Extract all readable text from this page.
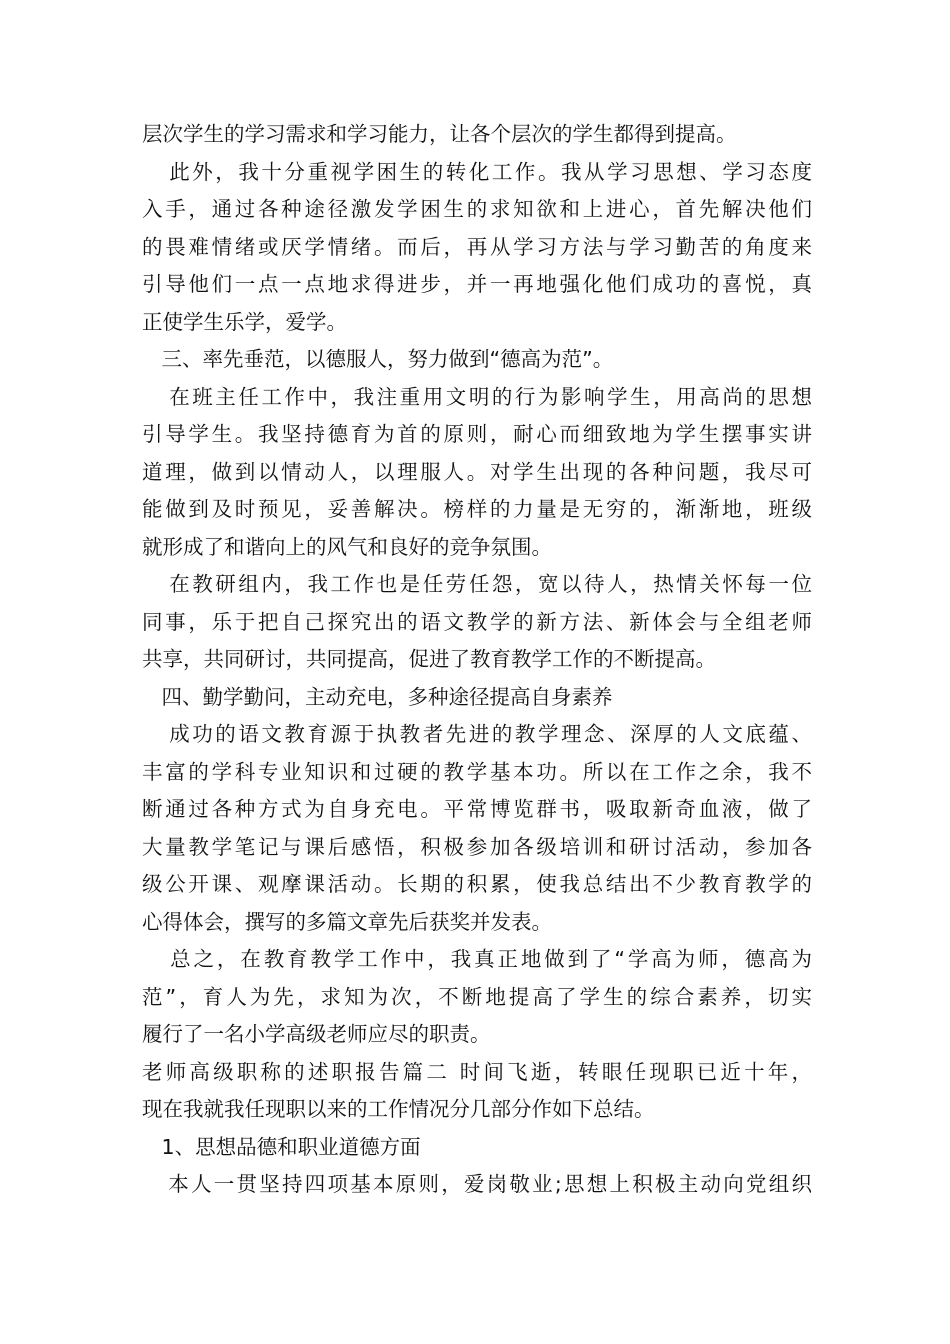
层次学生的学习需求和学习能力，让各个层次的学生都得到提高。
此外，我十分重视学困生的转化工作。我从学习思想、学习态度
入手，通过各种途径激发学困生的求知欲和上进心，首先解决他们
的畏难情绪或厌学情绪。而后，再从学习方法与学习勤苦的角度来
引导他们一点一点地求得进步，并一再地强化他们成功的喜悦，真
正使学生乐学，爱学。
三、率先垂范，以德服人，努力做到“德高为范”。
在班主任工作中，我注重用文明的行为影响学生，用高尚的思想
引导学生。我坚持德育为首的原则，耐心而细致地为学生摆事实讲
道理，做到以情动人，以理服人。对学生出现的各种问题，我尽可
能做到及时预见，妥善解决。榜样的力量是无穷的，渐渐地，班级
就形成了和谐向上的风气和良好的竞争氛围。
在教研组内，我工作也是任劳任怨，宽以待人，热情关怀每一位
同事，乐于把自己探究出的语文教学的新方法、新体会与全组老师
共享，共同研讨，共同提高，促进了教育教学工作的不断提高。
四、勤学勤问，主动充电，多种途径提高自身素养
成功的语文教育源于执教者先进的教学理念、深厚的人文底蕴、
丰富的学科专业知识和过硬的教学基本功。所以在工作之余，我不
断通过各种方式为自身充电。平常博览群书，吸取新奇血液，做了
大量教学笔记与课后感悟，积极参加各级培训和研讨活动，参加各
级公开课、观摩课活动。长期的积累，使我总结出不少教育教学的
心得体会，撰写的多篇文章先后获奖并发表。
总之，在教育教学工作中，我真正地做到了“学高为师，德高为
范”，育人为先，求知为次，不断地提高了学生的综合素养，切实
履行了一名小学高级老师应尽的职责。
老师高级职称的述职报告篇二 时间飞逝，转眼任现职已近十年，
现在我就我任现职以来的工作情况分几部分作如下总结。
1、思想品德和职业道德方面
本人一贯坚持四项基本原则，爱岗敬业;思想上积极主动向党组织
